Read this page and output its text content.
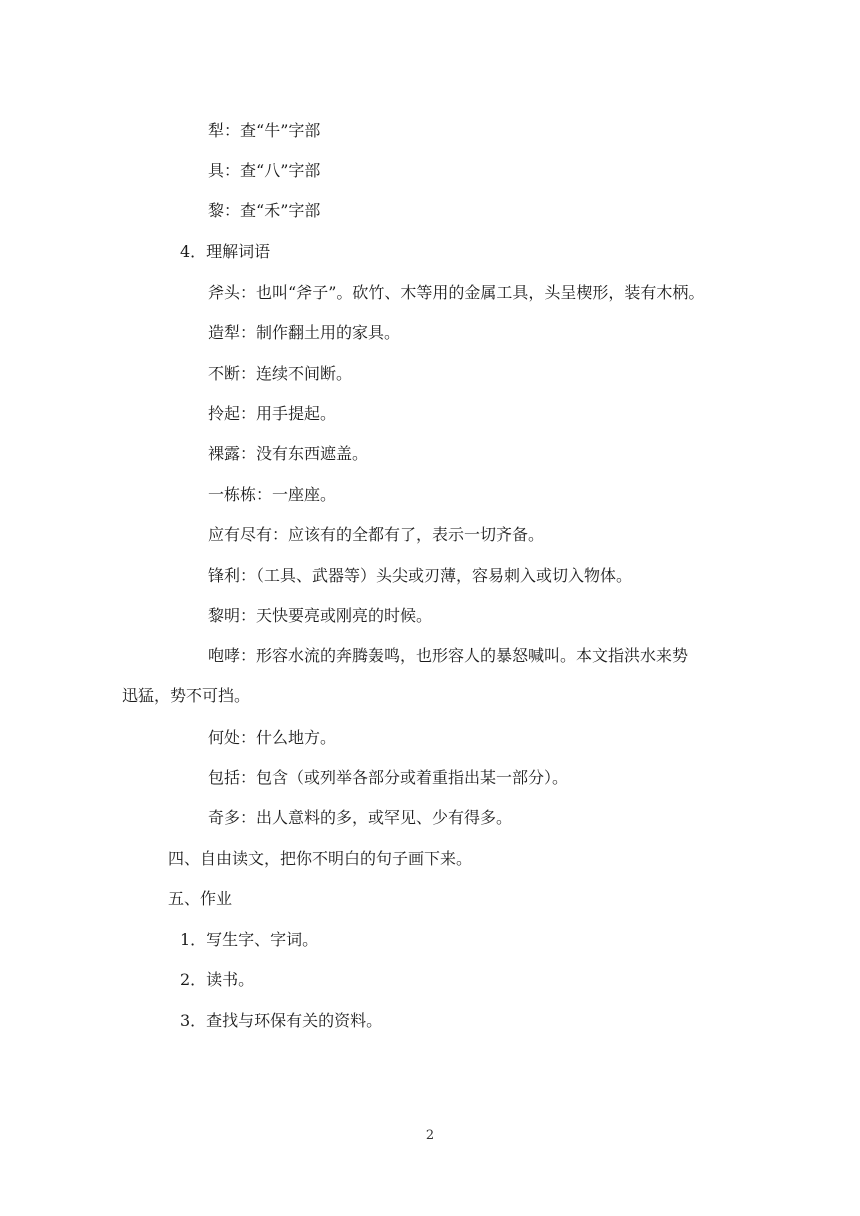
犁：查“牛”字部
具：查“八”字部
黎：查“禾”字部
4．理解词语
斧头：也叫“斧子”。砍竹、木等用的金属工具，头呈楔形，装有木柄。
造犁：制作翻土用的家具。
不断：连续不间断。
拎起：用手提起。
裸露：没有东西遮盖。
一栋栋：一座座。
应有尽有：应该有的全都有了，表示一切齐备。
锋利：（工具、武器等）头尖或刃薄，容易刺入或切入物体。
黎明：天快要亮或刚亮的时候。
咆哮：形容水流的奔腾轰鸣，也形容人的暴怒喊叫。本文指洪水来势
迅猛，势不可挡。
何处：什么地方。
包括：包含（或列举各部分或着重指出某一部分）。
奇多：出人意料的多，或罕见、少有得多。
四、自由读文，把你不明白的句子画下来。
五、作业
1．写生字、字词。
2．读书。
3．查找与环保有关的资料。
2
